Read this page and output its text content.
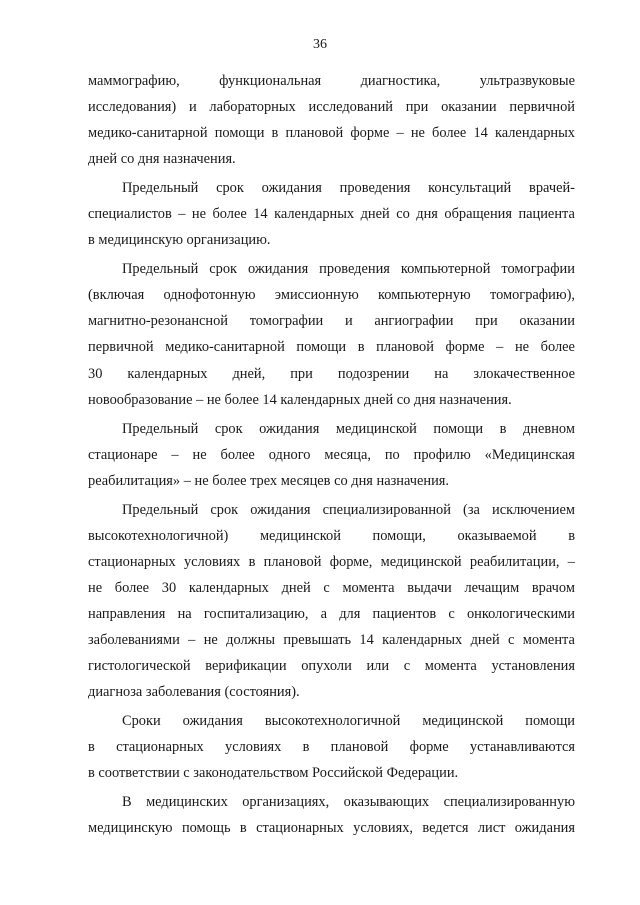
36
маммографию,	функциональная	диагностика,	ультразвуковые
исследования) и лабораторных исследований при оказании первичной
медико-санитарной помощи в плановой форме – не более 14 календарных
дней со дня назначения.
Предельный срок ожидания проведения консультаций врачей-
специалистов – не более 14 календарных дней со дня обращения пациента
в медицинскую организацию.
Предельный срок ожидания проведения компьютерной томографии
(включая однофотонную эмиссионную компьютерную томографию),
магнитно-резонансной томографии и ангиографии при оказании
первичной медико-санитарной помощи в плановой форме – не более
30 календарных дней, при подозрении на злокачественное
новообразование – не более 14 календарных дней со дня назначения.
Предельный срок ожидания медицинской помощи в дневном
стационаре – не более одного месяца, по профилю «Медицинская
реабилитация» – не более трех месяцев со дня назначения.
Предельный срок ожидания специализированной (за исключением
высокотехнологичной) медицинской помощи, оказываемой в
стационарных условиях в плановой форме, медицинской реабилитации, –
не более 30 календарных дней с момента выдачи лечащим врачом
направления на госпитализацию, а для пациентов с онкологическими
заболеваниями – не должны превышать 14 календарных дней с момента
гистологической верификации опухоли или с момента установления
диагноза заболевания (состояния).
Сроки ожидания высокотехнологичной медицинской помощи
в стационарных условиях в плановой форме устанавливаются
в соответствии с законодательством Российской Федерации.
В медицинских организациях, оказывающих специализированную
медицинскую помощь в стационарных условиях, ведется лист ожидания
